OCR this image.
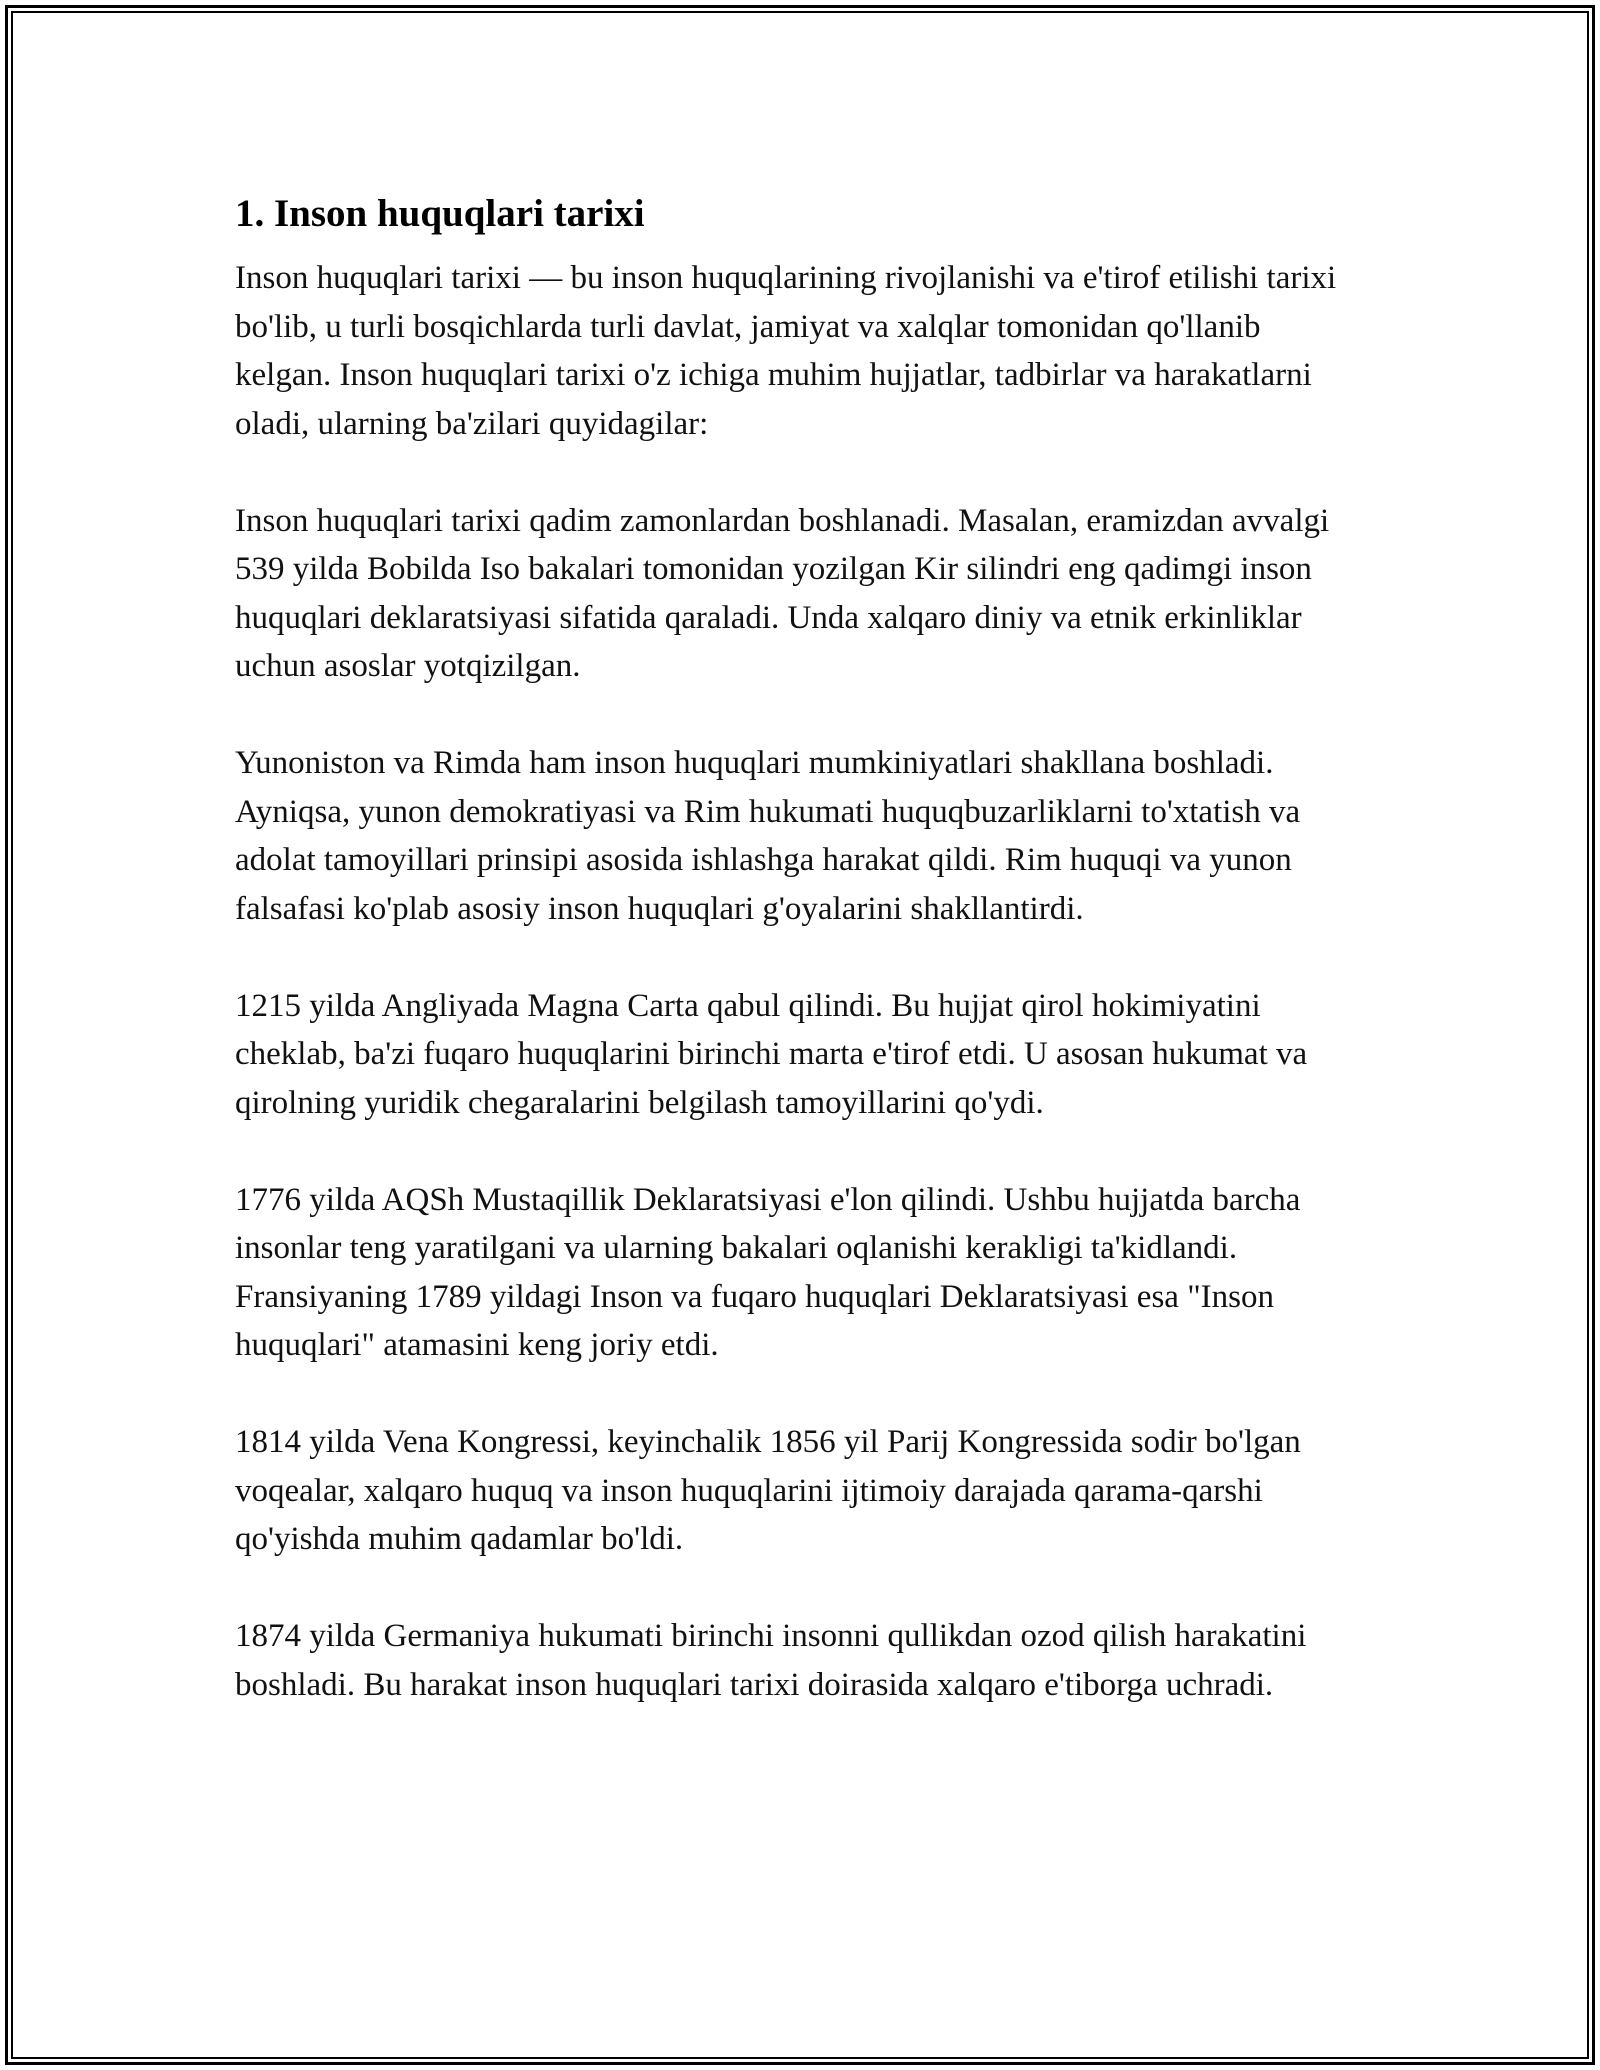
1. Inson huquqlari tarixi

Inson huquqlari tarixi — bu inson huquqlarining rivojlanishi va e'tirof etilishi tarixi bo'lib, u turli bosqichlarda turli davlat, jamiyat va xalqlar tomonidan qo'llanib kelgan. Inson huquqlari tarixi o'z ichiga muhim hujjatlar, tadbirlar va harakatlarni oladi, ularning ba'zilari quyidagilar:

Inson huquqlari tarixi qadim zamonlardan boshlanadi. Masalan, eramizdan avvalgi 539 yilda Bobilda Iso bakalari tomonidan yozilgan Kir silindri eng qadimgi inson huquqlari deklaratsiyasi sifatida qaraladi. Unda xalqaro diniy va etnik erkinliklar uchun asoslar yotqizilgan.

Yunoniston va Rimda ham inson huquqlari mumkiniyatlari shakllana boshladi. Ayniqsa, yunon demokratiyasi va Rim hukumati huquqbuzarliklarni to'xtatish va adolat tamoyillari prinsipi asosida ishlashga harakat qildi. Rim huquqi va yunon falsafasi ko'plab asosiy inson huquqlari g'oyalarini shakllantirdi.

1215 yilda Angliyada Magna Carta qabul qilindi. Bu hujjat qirol hokimiyatini cheklab, ba'zi fuqaro huquqlarini birinchi marta e'tirof etdi. U asosan hukumat va qirolning yuridik chegaralarini belgilash tamoyillarini qo'ydi.

1776 yilda AQSh Mustaqillik Deklaratsiyasi e'lon qilindi. Ushbu hujjatda barcha insonlar teng yaratilgani va ularning bakalari oqlanishi kerakligi ta'kidlandi. Fransiyaning 1789 yildagi Inson va fuqaro huquqlari Deklaratsiyasi esa "Inson huquqlari" atamasini keng joriy etdi.

1814 yilda Vena Kongressi, keyinchalik 1856 yil Parij Kongressida sodir bo'lgan voqealar, xalqaro huquq va inson huquqlarini ijtimoiy darajada qarama-qarshi qo'yishda muhim qadamlar bo'ldi.

1874 yilda Germaniya hukumati birinchi insonni qullikdan ozod qilish harakatini boshladi. Bu harakat inson huquqlari tarixi doirasida xalqaro e'tiborga uchradi.
